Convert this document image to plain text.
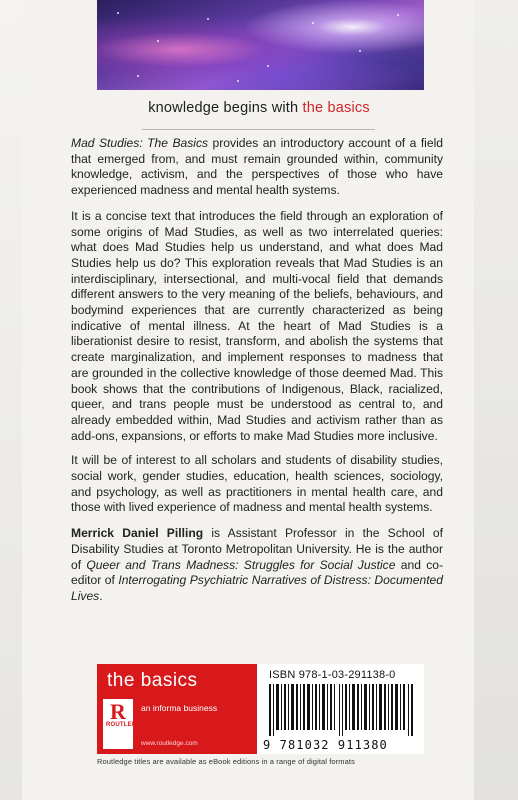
knowledge begins with the basics

Mad Studies: The Basics provides an introductory account of a field that emerged from, and must remain grounded within, community knowledge, activism, and the perspectives of those who have experienced madness and mental health systems.

It is a concise text that introduces the field through an exploration of some origins of Mad Studies, as well as two interrelated queries: what does Mad Studies help us understand, and what does Mad Studies help us do? This exploration reveals that Mad Studies is an interdisciplinary, intersectional, and multi-vocal field that demands different answers to the very meaning of the beliefs, behaviours, and bodymind experiences that are currently characterized as being indicative of mental illness. At the heart of Mad Studies is a liberationist desire to resist, transform, and abolish the systems that create marginalization, and implement responses to madness that are grounded in the collective knowledge of those deemed Mad. This book shows that the contributions of Indigenous, Black, racialized, queer, and trans people must be understood as central to, and already embedded within, Mad Studies and activism rather than as add-ons, expansions, or efforts to make Mad Studies more inclusive.

It will be of interest to all scholars and students of disability studies, social work, gender studies, education, health sciences, sociology, and psychology, as well as practitioners in mental health care, and those with lived experience of madness and mental health systems.

Merrick Daniel Pilling is Assistant Professor in the School of Disability Studies at Toronto Metropolitan University. He is the author of Queer and Trans Madness: Struggles for Social Justice and co-editor of Interrogating Psychiatric Narratives of Distress: Documented Lives.

the basics
R
ROUTLEDGE
an informa business
www.routledge.com
ISBN 978-1-03-291138-0
9 781032 911380
Routledge titles are available as eBook editions in a range of digital formats
